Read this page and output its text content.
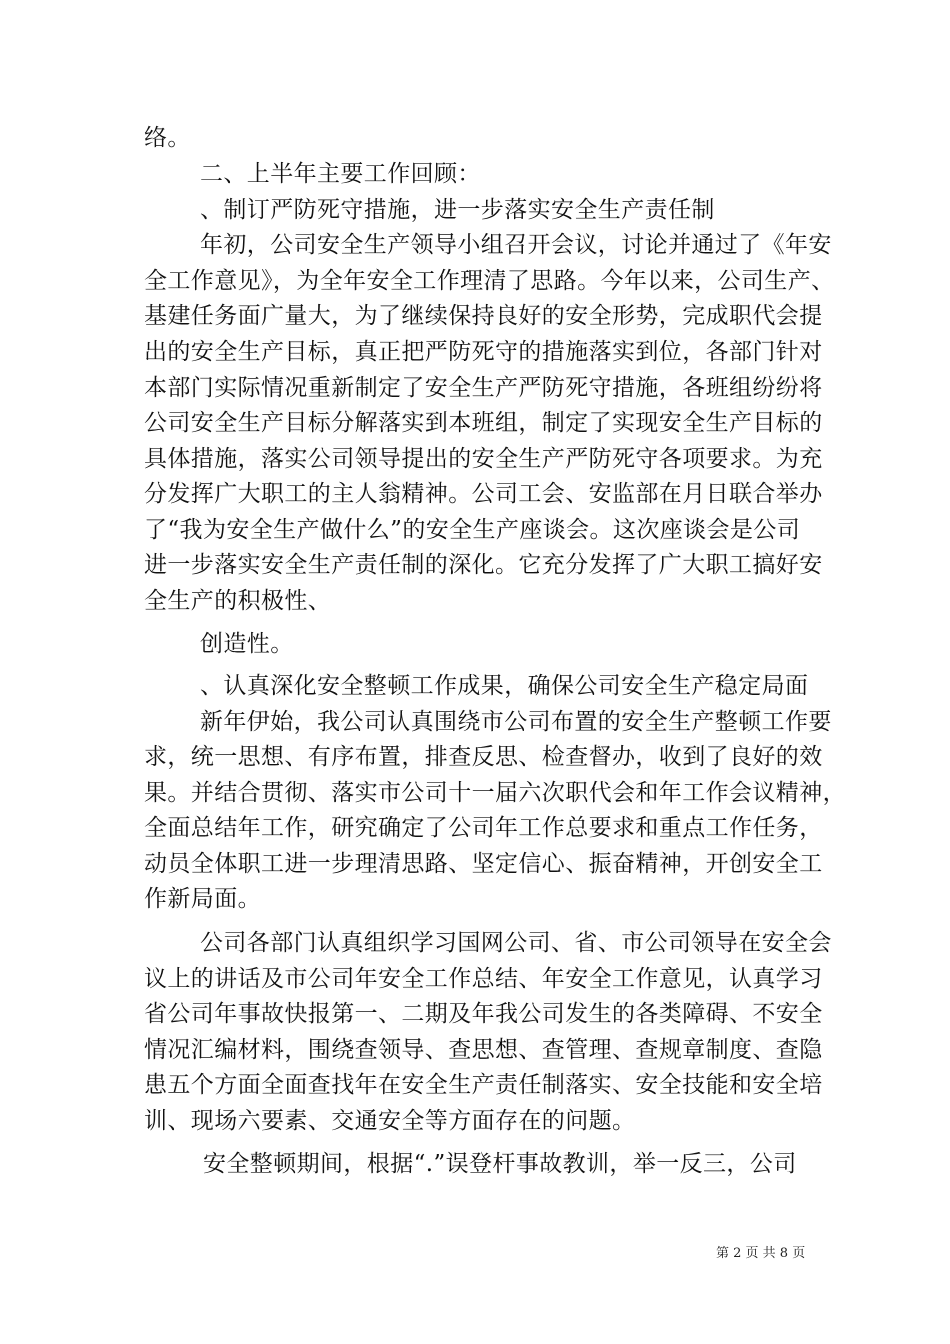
络。
二、上半年主要工作回顾：
、制订严防死守措施，进一步落实安全生产责任制
年初，公司安全生产领导小组召开会议，讨论并通过了《年安
全工作意见》，为全年安全工作理清了思路。今年以来，公司生产、
基建任务面广量大，为了继续保持良好的安全形势，完成职代会提
出的安全生产目标，真正把严防死守的措施落实到位，各部门针对
本部门实际情况重新制定了安全生产严防死守措施，各班组纷纷将
公司安全生产目标分解落实到本班组，制定了实现安全生产目标的
具体措施，落实公司领导提出的安全生产严防死守各项要求。为充
分发挥广大职工的主人翁精神。公司工会、安监部在月日联合举办
了“我为安全生产做什么”的安全生产座谈会。这次座谈会是公司
进一步落实安全生产责任制的深化。它充分发挥了广大职工搞好安
全生产的积极性、
创造性。
、认真深化安全整顿工作成果，确保公司安全生产稳定局面
新年伊始，我公司认真围绕市公司布置的安全生产整顿工作要
求，统一思想、有序布置，排查反思、检查督办，收到了良好的效
果。并结合贯彻、落实市公司十一届六次职代会和年工作会议精神，
全面总结年工作，研究确定了公司年工作总要求和重点工作任务，
动员全体职工进一步理清思路、坚定信心、振奋精神，开创安全工
作新局面。
公司各部门认真组织学习国网公司、省、市公司领导在安全会
议上的讲话及市公司年安全工作总结、年安全工作意见，认真学习
省公司年事故快报第一、二期及年我公司发生的各类障碍、不安全
情况汇编材料，围绕查领导、查思想、查管理、查规章制度、查隐
患五个方面全面查找年在安全生产责任制落实、安全技能和安全培
训、现场六要素、交通安全等方面存在的问题。
安全整顿期间，根据“.”误登杆事故教训，举一反三，公司
第 2 页 共 8 页
